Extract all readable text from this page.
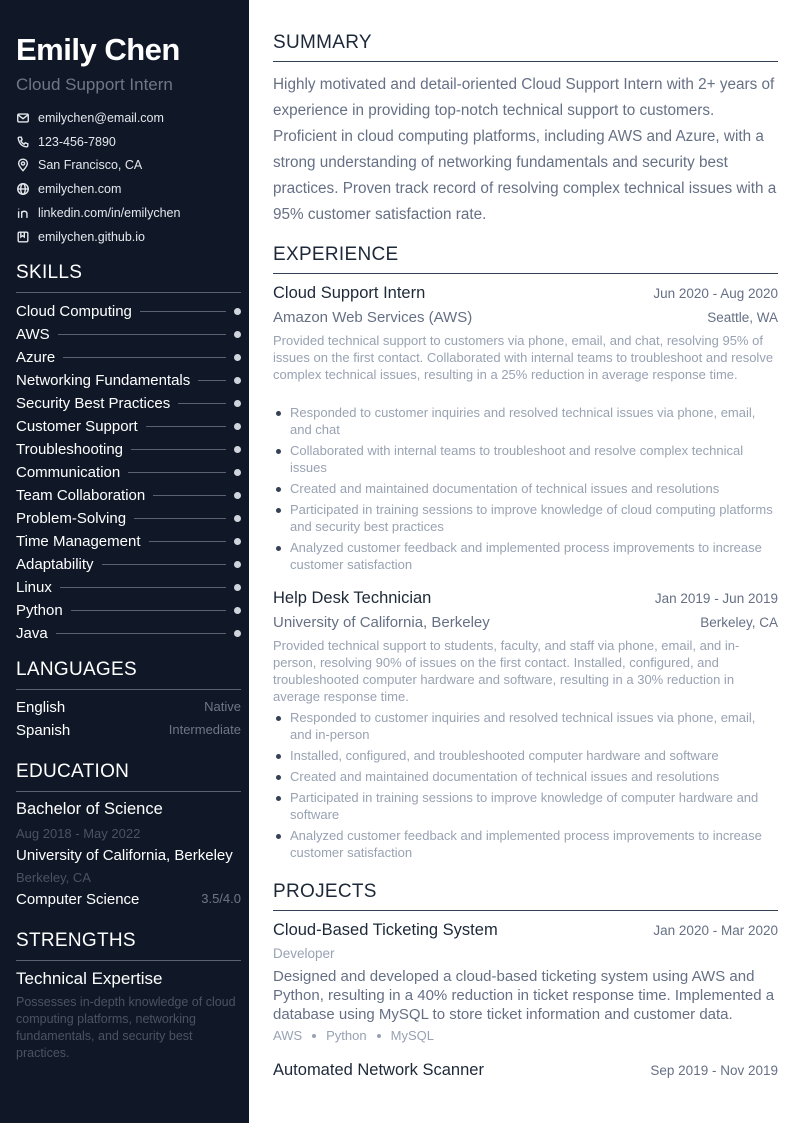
Emily Chen
Cloud Support Intern
emilychen@email.com
123-456-7890
San Francisco, CA
emilychen.com
linkedin.com/in/emilychen
emilychen.github.io
SKILLS
Cloud Computing
AWS
Azure
Networking Fundamentals
Security Best Practices
Customer Support
Troubleshooting
Communication
Team Collaboration
Problem-Solving
Time Management
Adaptability
Linux
Python
Java
LANGUAGES
English	Native
Spanish	Intermediate
EDUCATION
Bachelor of Science
Aug 2018 - May 2022
University of California, Berkeley
Berkeley, CA
Computer Science	3.5/4.0
STRENGTHS
Technical Expertise
Possesses in-depth knowledge of cloud computing platforms, networking fundamentals, and security best practices.
SUMMARY
Highly motivated and detail-oriented Cloud Support Intern with 2+ years of experience in providing top-notch technical support to customers. Proficient in cloud computing platforms, including AWS and Azure, with a strong understanding of networking fundamentals and security best practices. Proven track record of resolving complex technical issues with a 95% customer satisfaction rate.
EXPERIENCE
Cloud Support Intern	Jun 2020 - Aug 2020
Amazon Web Services (AWS)	Seattle, WA
Provided technical support to customers via phone, email, and chat, resolving 95% of issues on the first contact. Collaborated with internal teams to troubleshoot and resolve complex technical issues, resulting in a 25% reduction in average response time.
Responded to customer inquiries and resolved technical issues via phone, email, and chat
Collaborated with internal teams to troubleshoot and resolve complex technical issues
Created and maintained documentation of technical issues and resolutions
Participated in training sessions to improve knowledge of cloud computing platforms and security best practices
Analyzed customer feedback and implemented process improvements to increase customer satisfaction
Help Desk Technician	Jan 2019 - Jun 2019
University of California, Berkeley	Berkeley, CA
Provided technical support to students, faculty, and staff via phone, email, and in-person, resolving 90% of issues on the first contact. Installed, configured, and troubleshooted computer hardware and software, resulting in a 30% reduction in average response time.
Responded to customer inquiries and resolved technical issues via phone, email, and in-person
Installed, configured, and troubleshooted computer hardware and software
Created and maintained documentation of technical issues and resolutions
Participated in training sessions to improve knowledge of computer hardware and software
Analyzed customer feedback and implemented process improvements to increase customer satisfaction
PROJECTS
Cloud-Based Ticketing System	Jan 2020 - Mar 2020
Developer
Designed and developed a cloud-based ticketing system using AWS and Python, resulting in a 40% reduction in ticket response time. Implemented a database using MySQL to store ticket information and customer data.
AWS Python MySQL
Automated Network Scanner	Sep 2019 - Nov 2019
